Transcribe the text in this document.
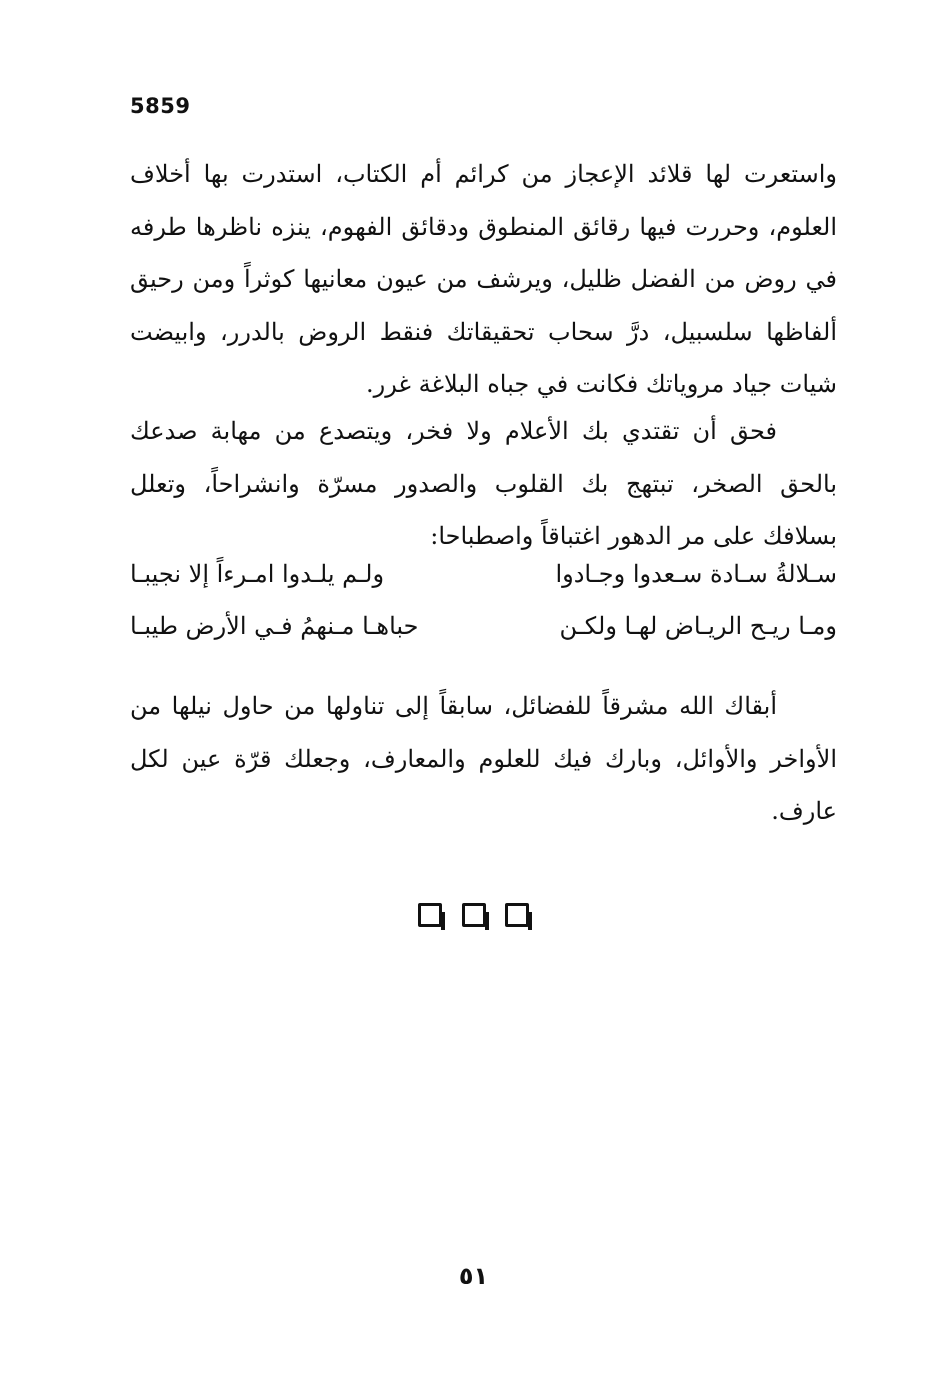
5859

واستعرت لها قلائد الإعجاز من كرائم أم الكتاب، استدرت بها أخلاف العلوم، وحررت فيها رقائق المنطوق ودقائق الفهوم، ينزه ناظرها طرفه في روض من الفضل ظليل، ويرشف من عيون معانيها كوثراً ومن رحيق ألفاظها سلسبيل، درَّ سحاب تحقيقاتك فنقط الروض بالدرر، وابيضت شيات جياد مروياتك فكانت في جباه البلاغة غرر.

فحق أن تقتدي بك الأعلام ولا فخر، ويتصدع من مهابة صدعك بالحق الصخر، تبتهج بك القلوب والصدور مسرّة وانشراحاً، وتعلل بسلافك على مر الدهور اغتباقاً واصطباحا:

سـلالةُ سـادة سـعدوا وجـادوا
ولـم يلـدوا امـرءاً إلا نجيبـا
ومـا ريـح الريـاض لهـا ولكـن
حباهـا مـنهمُ فـي الأرض طيبـا

أبقاك الله مشرقاً للفضائل، سابقاً إلى تناولها من حاول نيلها من الأواخر والأوائل، وبارك فيك للعلوم والمعارف، وجعلك قرّة عين لكل عارف.

٥١
